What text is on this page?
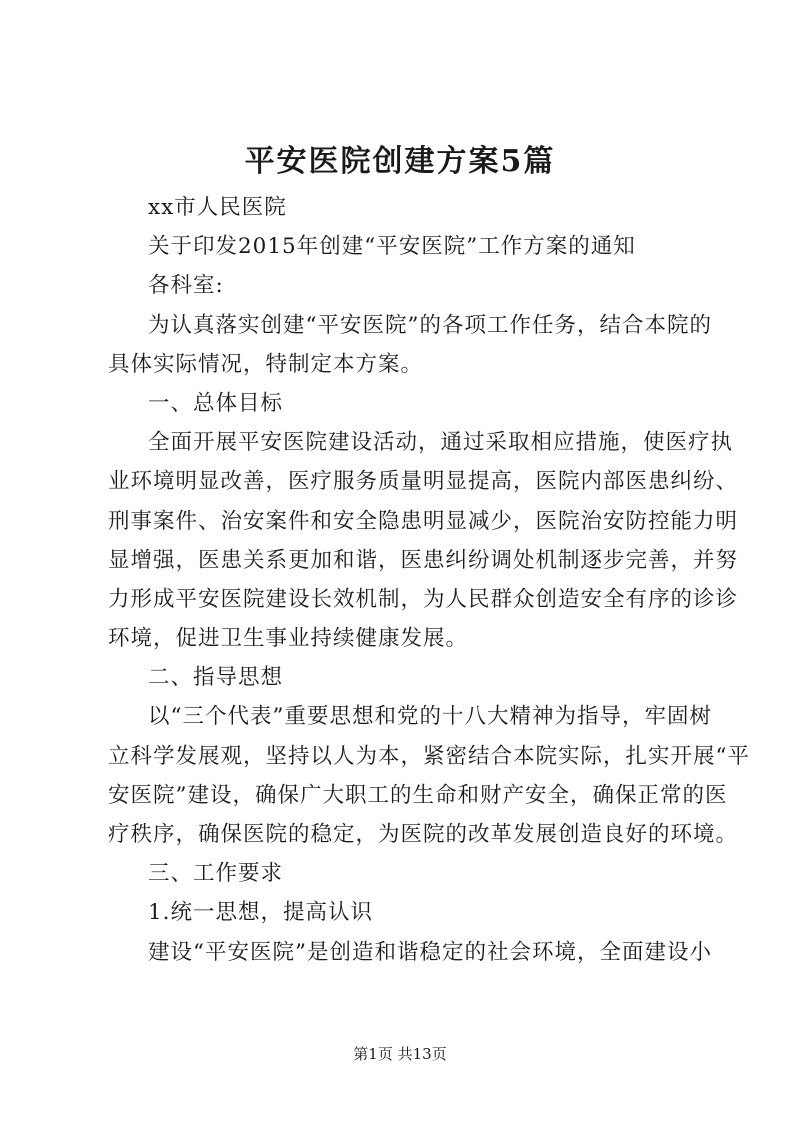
平安医院创建方案5篇
xx市人民医院
关于印发2015年创建“平安医院”工作方案的通知
各科室:
为认真落实创建“平安医院”的各项工作任务，结合本院的
具体实际情况，特制定本方案。
一、总体目标
全面开展平安医院建设活动，通过采取相应措施，使医疗执
业环境明显改善，医疗服务质量明显提高，医院内部医患纠纷、
刑事案件、治安案件和安全隐患明显减少，医院治安防控能力明
显增强，医患关系更加和谐，医患纠纷调处机制逐步完善，并努
力形成平安医院建设长效机制，为人民群众创造安全有序的诊诊
环境，促进卫生事业持续健康发展。
二、指导思想
以“三个代表”重要思想和党的十八大精神为指导，牢固树
立科学发展观，坚持以人为本，紧密结合本院实际，扎实开展“平
安医院”建设，确保广大职工的生命和财产安全，确保正常的医
疗秩序，确保医院的稳定，为医院的改革发展创造良好的环境。
三、工作要求
1.统一思想，提高认识
建设“平安医院”是创造和谐稳定的社会环境，全面建设小
第1页 共13页
